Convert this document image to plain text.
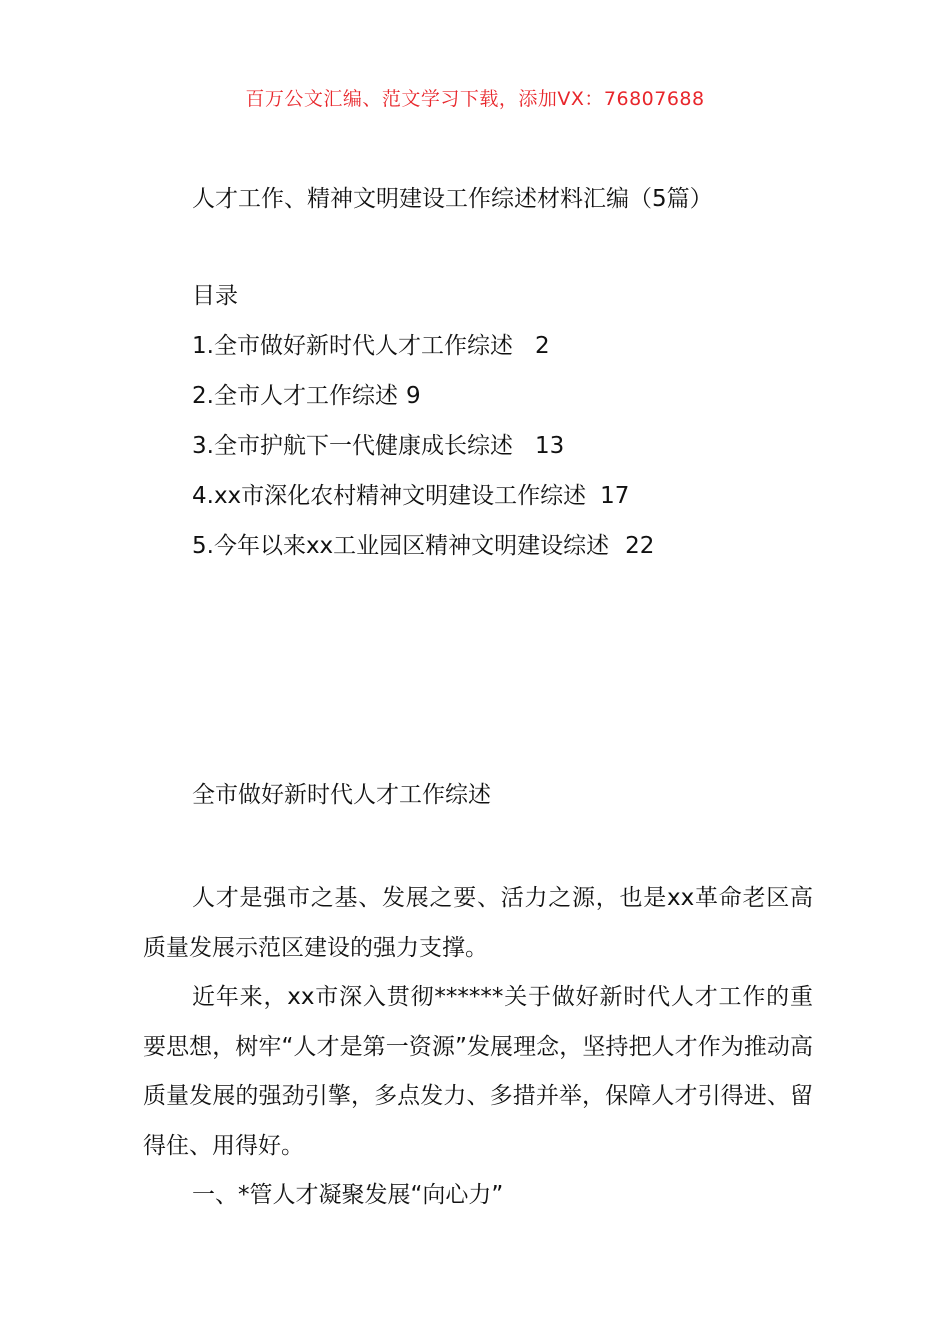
百万公文汇编、范文学习下载，添加VX：76807688
人才工作、精神文明建设工作综述材料汇编（5篇）
目录
1.全市做好新时代人才工作综述 2
2.全市人才工作综述 9
3.全市护航下一代健康成长综述 13
4.xx市深化农村精神文明建设工作综述 17
5.今年以来xx工业园区精神文明建设综述 22
全市做好新时代人才工作综述

人才是强市之基、发展之要、活力之源，也是xx革命老区高质量发展示范区建设的强力支撑。

近年来，xx市深入贯彻******关于做好新时代人才工作的重要思想，树牢“人才是第一资源”发展理念，坚持把人才作为推动高质量发展的强劲引擎，多点发力、多措并举，保障人才引得进、留得住、用得好。

一、*管人才凝聚发展“向心力”
